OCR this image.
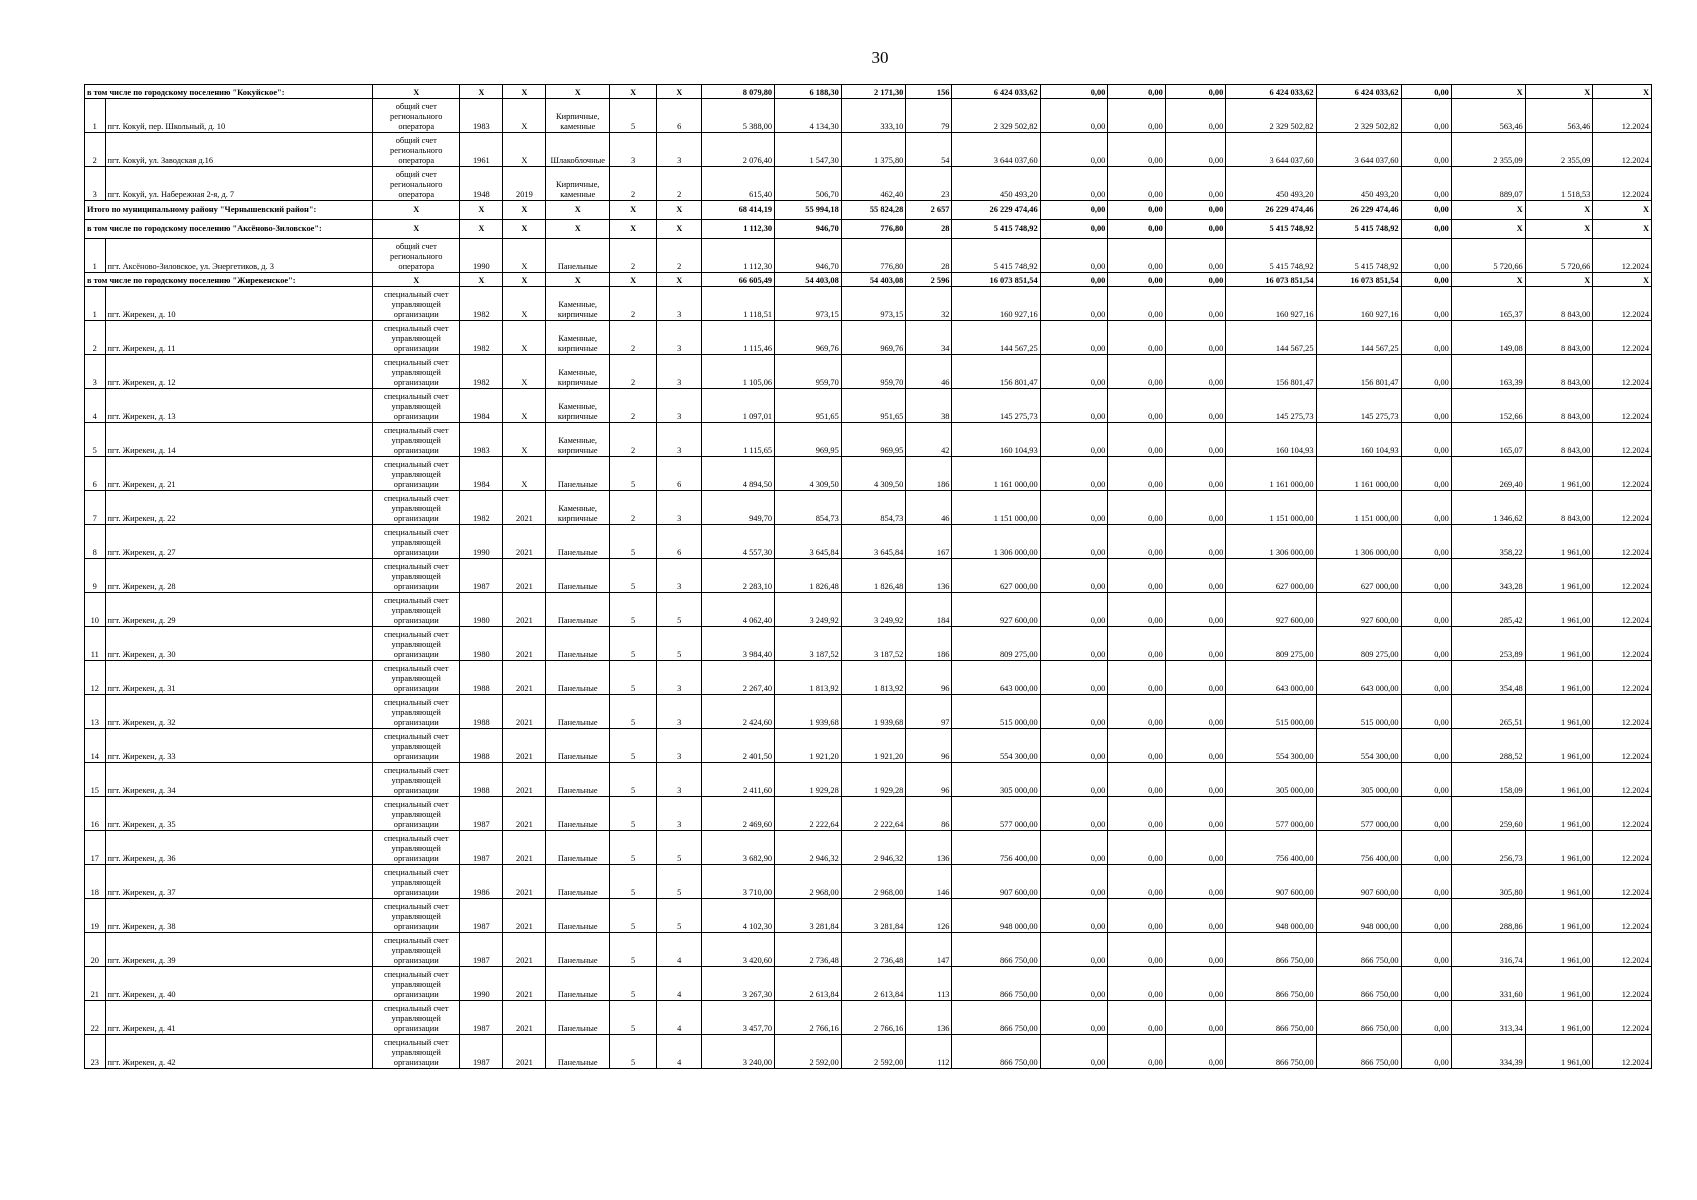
30
в том числе по городскому поселению "Кокуйское":		X	X	X	X	X	X	8 079,80	6 188,30	2 171,30	156	6 424 033,62	0,00	0,00	0,00	6 424 033,62	6 424 033,62	0,00	X	X	X
1	пгт. Кокуй, пер. Школьный, д. 10	общий счет регионального оператора	1983	X	Кирпичные, каменные	5	6	5 388,00	4 134,30	333,10	79	2 329 502,82	0,00	0,00	0,00	2 329 502,82	2 329 502,82	0,00	563,46	563,46	12.2024
2	пгт. Кокуй, ул. Заводская д.16	общий счет регионального оператора	1961	X	Шлакоблочные	3	3	2 076,40	1 547,30	1 375,80	54	3 644 037,60	0,00	0,00	0,00	3 644 037,60	3 644 037,60	0,00	2 355,09	2 355,09	12.2024
3	пгт. Кокуй, ул. Набережная 2-я, д. 7	общий счет регионального оператора	1948	2019	Кирпичные, каменные	2	2	615,40	506,70	462,40	23	450 493,20	0,00	0,00	0,00	450 493,20	450 493,20	0,00	889,07	1 518,53	12.2024
Итого по муниципальному району "Чернышевский район":		X	X	X	X	X	X	68 414,19	55 994,18	55 824,28	2 657	26 229 474,46	0,00	0,00	0,00	26 229 474,46	26 229 474,46	0,00	X	X	X
в том числе по городскому поселению "Аксёново-Зиловское":		X	X	X	X	X	X	1 112,30	946,70	776,80	28	5 415 748,92	0,00	0,00	0,00	5 415 748,92	5 415 748,92	0,00	X	X	X
1	пгт. Аксёново-Зиловское, ул. Энергетиков, д. 3	общий счет регионального оператора	1990	X	Панельные	2	2	1 112,30	946,70	776,80	28	5 415 748,92	0,00	0,00	0,00	5 415 748,92	5 415 748,92	0,00	5 720,66	5 720,66	12.2024
в том числе по городскому поселению "Жирекенское":		X	X	X	X	X	X	66 605,49	54 403,08	54 403,08	2 596	16 073 851,54	0,00	0,00	0,00	16 073 851,54	16 073 851,54	0,00	X	X	X
1	пгт. Жирекен, д. 10	специальный счет управляющей организации	1982	X	Каменные, кирпичные	2	3	1 118,51	973,15	973,15	32	160 927,16	0,00	0,00	0,00	160 927,16	160 927,16	0,00	165,37	8 843,00	12.2024
2	пгт. Жирекен, д. 11	специальный счет управляющей организации	1982	X	Каменные, кирпичные	2	3	1 115,46	969,76	969,76	34	144 567,25	0,00	0,00	0,00	144 567,25	144 567,25	0,00	149,08	8 843,00	12.2024
3	пгт. Жирекен, д. 12	специальный счет управляющей организации	1982	X	Каменные, кирпичные	2	3	1 105,06	959,70	959,70	46	156 801,47	0,00	0,00	0,00	156 801,47	156 801,47	0,00	163,39	8 843,00	12.2024
4	пгт. Жирекен, д. 13	специальный счет управляющей организации	1984	X	Каменные, кирпичные	2	3	1 097,01	951,65	951,65	38	145 275,73	0,00	0,00	0,00	145 275,73	145 275,73	0,00	152,66	8 843,00	12.2024
5	пгт. Жирекен, д. 14	специальный счет управляющей организации	1983	X	Каменные, кирпичные	2	3	1 115,65	969,95	969,95	42	160 104,93	0,00	0,00	0,00	160 104,93	160 104,93	0,00	165,07	8 843,00	12.2024
6	пгт. Жирекен, д. 21	специальный счет управляющей организации	1984	X	Панельные	5	6	4 894,50	4 309,50	4 309,50	186	1 161 000,00	0,00	0,00	0,00	1 161 000,00	1 161 000,00	0,00	269,40	1 961,00	12.2024
7	пгт. Жирекен, д. 22	специальный счет управляющей организации	1982	2021	Каменные, кирпичные	2	3	949,70	854,73	854,73	46	1 151 000,00	0,00	0,00	0,00	1 151 000,00	1 151 000,00	0,00	1 346,62	8 843,00	12.2024
8	пгт. Жирекен, д. 27	специальный счет управляющей организации	1990	2021	Панельные	5	6	4 557,30	3 645,84	3 645,84	167	1 306 000,00	0,00	0,00	0,00	1 306 000,00	1 306 000,00	0,00	358,22	1 961,00	12.2024
9	пгт. Жирекен, д. 28	специальный счет управляющей организации	1987	2021	Панельные	5	3	2 283,10	1 826,48	1 826,48	136	627 000,00	0,00	0,00	0,00	627 000,00	627 000,00	0,00	343,28	1 961,00	12.2024
10	пгт. Жирекен, д. 29	специальный счет управляющей организации	1980	2021	Панельные	5	5	4 062,40	3 249,92	3 249,92	184	927 600,00	0,00	0,00	0,00	927 600,00	927 600,00	0,00	285,42	1 961,00	12.2024
11	пгт. Жирекен, д. 30	специальный счет управляющей организации	1980	2021	Панельные	5	5	3 984,40	3 187,52	3 187,52	186	809 275,00	0,00	0,00	0,00	809 275,00	809 275,00	0,00	253,89	1 961,00	12.2024
12	пгт. Жирекен, д. 31	специальный счет управляющей организации	1988	2021	Панельные	5	3	2 267,40	1 813,92	1 813,92	96	643 000,00	0,00	0,00	0,00	643 000,00	643 000,00	0,00	354,48	1 961,00	12.2024
13	пгт. Жирекен, д. 32	специальный счет управляющей организации	1988	2021	Панельные	5	3	2 424,60	1 939,68	1 939,68	97	515 000,00	0,00	0,00	0,00	515 000,00	515 000,00	0,00	265,51	1 961,00	12.2024
14	пгт. Жирекен, д. 33	специальный счет управляющей организации	1988	2021	Панельные	5	3	2 401,50	1 921,20	1 921,20	96	554 300,00	0,00	0,00	0,00	554 300,00	554 300,00	0,00	288,52	1 961,00	12.2024
15	пгт. Жирекен, д. 34	специальный счет управляющей организации	1988	2021	Панельные	5	3	2 411,60	1 929,28	1 929,28	96	305 000,00	0,00	0,00	0,00	305 000,00	305 000,00	0,00	158,09	1 961,00	12.2024
16	пгт. Жирекен, д. 35	специальный счет управляющей организации	1987	2021	Панельные	5	3	2 469,60	2 222,64	2 222,64	86	577 000,00	0,00	0,00	0,00	577 000,00	577 000,00	0,00	259,60	1 961,00	12.2024
17	пгт. Жирекен, д. 36	специальный счет управляющей организации	1987	2021	Панельные	5	5	3 682,90	2 946,32	2 946,32	136	756 400,00	0,00	0,00	0,00	756 400,00	756 400,00	0,00	256,73	1 961,00	12.2024
18	пгт. Жирекен, д. 37	специальный счет управляющей организации	1986	2021	Панельные	5	5	3 710,00	2 968,00	2 968,00	146	907 600,00	0,00	0,00	0,00	907 600,00	907 600,00	0,00	305,80	1 961,00	12.2024
19	пгт. Жирекен, д. 38	специальный счет управляющей организации	1987	2021	Панельные	5	5	4 102,30	3 281,84	3 281,84	126	948 000,00	0,00	0,00	0,00	948 000,00	948 000,00	0,00	288,86	1 961,00	12.2024
20	пгт. Жирекен, д. 39	специальный счет управляющей организации	1987	2021	Панельные	5	4	3 420,60	2 736,48	2 736,48	147	866 750,00	0,00	0,00	0,00	866 750,00	866 750,00	0,00	316,74	1 961,00	12.2024
21	пгт. Жирекен, д. 40	специальный счет управляющей организации	1990	2021	Панельные	5	4	3 267,30	2 613,84	2 613,84	113	866 750,00	0,00	0,00	0,00	866 750,00	866 750,00	0,00	331,60	1 961,00	12.2024
22	пгт. Жирекен, д. 41	специальный счет управляющей организации	1987	2021	Панельные	5	4	3 457,70	2 766,16	2 766,16	136	866 750,00	0,00	0,00	0,00	866 750,00	866 750,00	0,00	313,34	1 961,00	12.2024
23	пгт. Жирекен, д. 42	специальный счет управляющей организации	1987	2021	Панельные	5	4	3 240,00	2 592,00	2 592,00	112	866 750,00	0,00	0,00	0,00	866 750,00	866 750,00	0,00	334,39	1 961,00	12.2024
